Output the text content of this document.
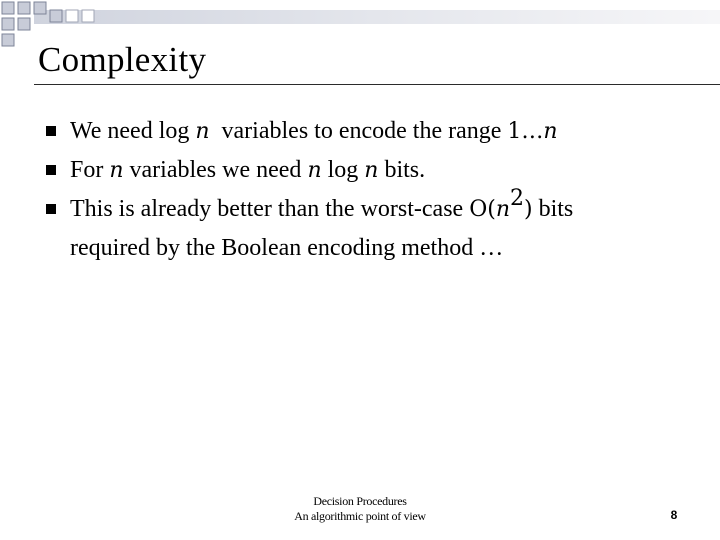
Complexity
We need log n  variables to encode the range 1…n
For n variables we need n log n bits.
This is already better than the worst-case $O(n^2)$ bits
required by the Boolean encoding method …
Decision Procedures
An algorithmic point of view	8
